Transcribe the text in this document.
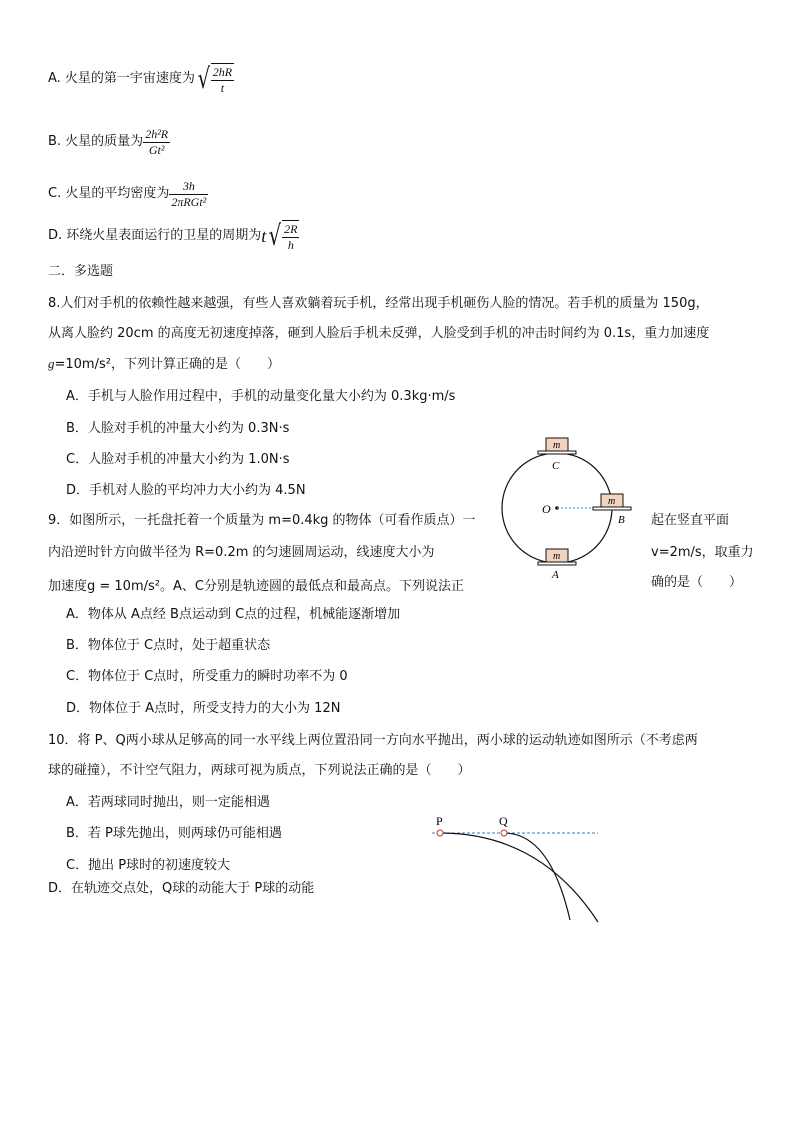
A. 火星的第一宇宙速度为 √ $\frac{2hR}{t}$
B. 火星的质量为 $\frac{\text{2h²R}}{\text{Gt²}}$
C. 火星的平均密度为 $\frac{3h}{\text{2πRGt²}}$
D. 环绕火星表面运行的卫星的周期为 t √ $\frac{2R}{h}$
二．多选题
8.人们对手机的依赖性越来越强，有些人喜欢躺着玩手机，经常出现手机砸伤人脸的情况。若手机的质量为 150g，
从离人脸约 20cm 的高度无初速度掉落，砸到人脸后手机未反弹，人脸受到手机的冲击时间约为 0.1s，重力加速度
g=10m/s²，下列计算正确的是（　　）
A．手机与人脸作用过程中，手机的动量变化量大小约为 0.3kg·m/s
B．人脸对手机的冲量大小约为 0.3N·s
C．人脸对手机的冲量大小约为 1.0N·s
D．手机对人脸的平均冲力大小约为 4.5N
9．如图所示，一托盘托着一个质量为 m=0.4kg 的物体（可看作质点）一	起在竖直平面
内沿逆时针方向做半径为 R=0.2m 的匀速圆周运动，线速度大小为	v=2m/s，取重力
加速度g = 10m/s²。A、C分别是轨迹圆的最低点和最高点。下列说法正	确的是（　　）
A．物体从 A点经 B点运动到 C点的过程，机械能逐渐增加
B．物体位于 C点时，处于超重状态
C．物体位于 C点时，所受重力的瞬时功率不为 0
D．物体位于 A点时，所受支持力的大小为 12N
m
C
O
m
B
m
A
10．将 P、Q两小球从足够高的同一水平线上两位置沿同一方向水平抛出，两小球的运动轨迹如图所示（不考虑两
球的碰撞），不计空气阻力，两球可视为质点，下列说法正确的是（　　）
A．若两球同时抛出，则一定能相遇
B．若 P球先抛出，则两球仍可能相遇
C．抛出 P球时的初速度较大
D．在轨迹交点处，Q球的动能大于 P球的动能
P	Q
